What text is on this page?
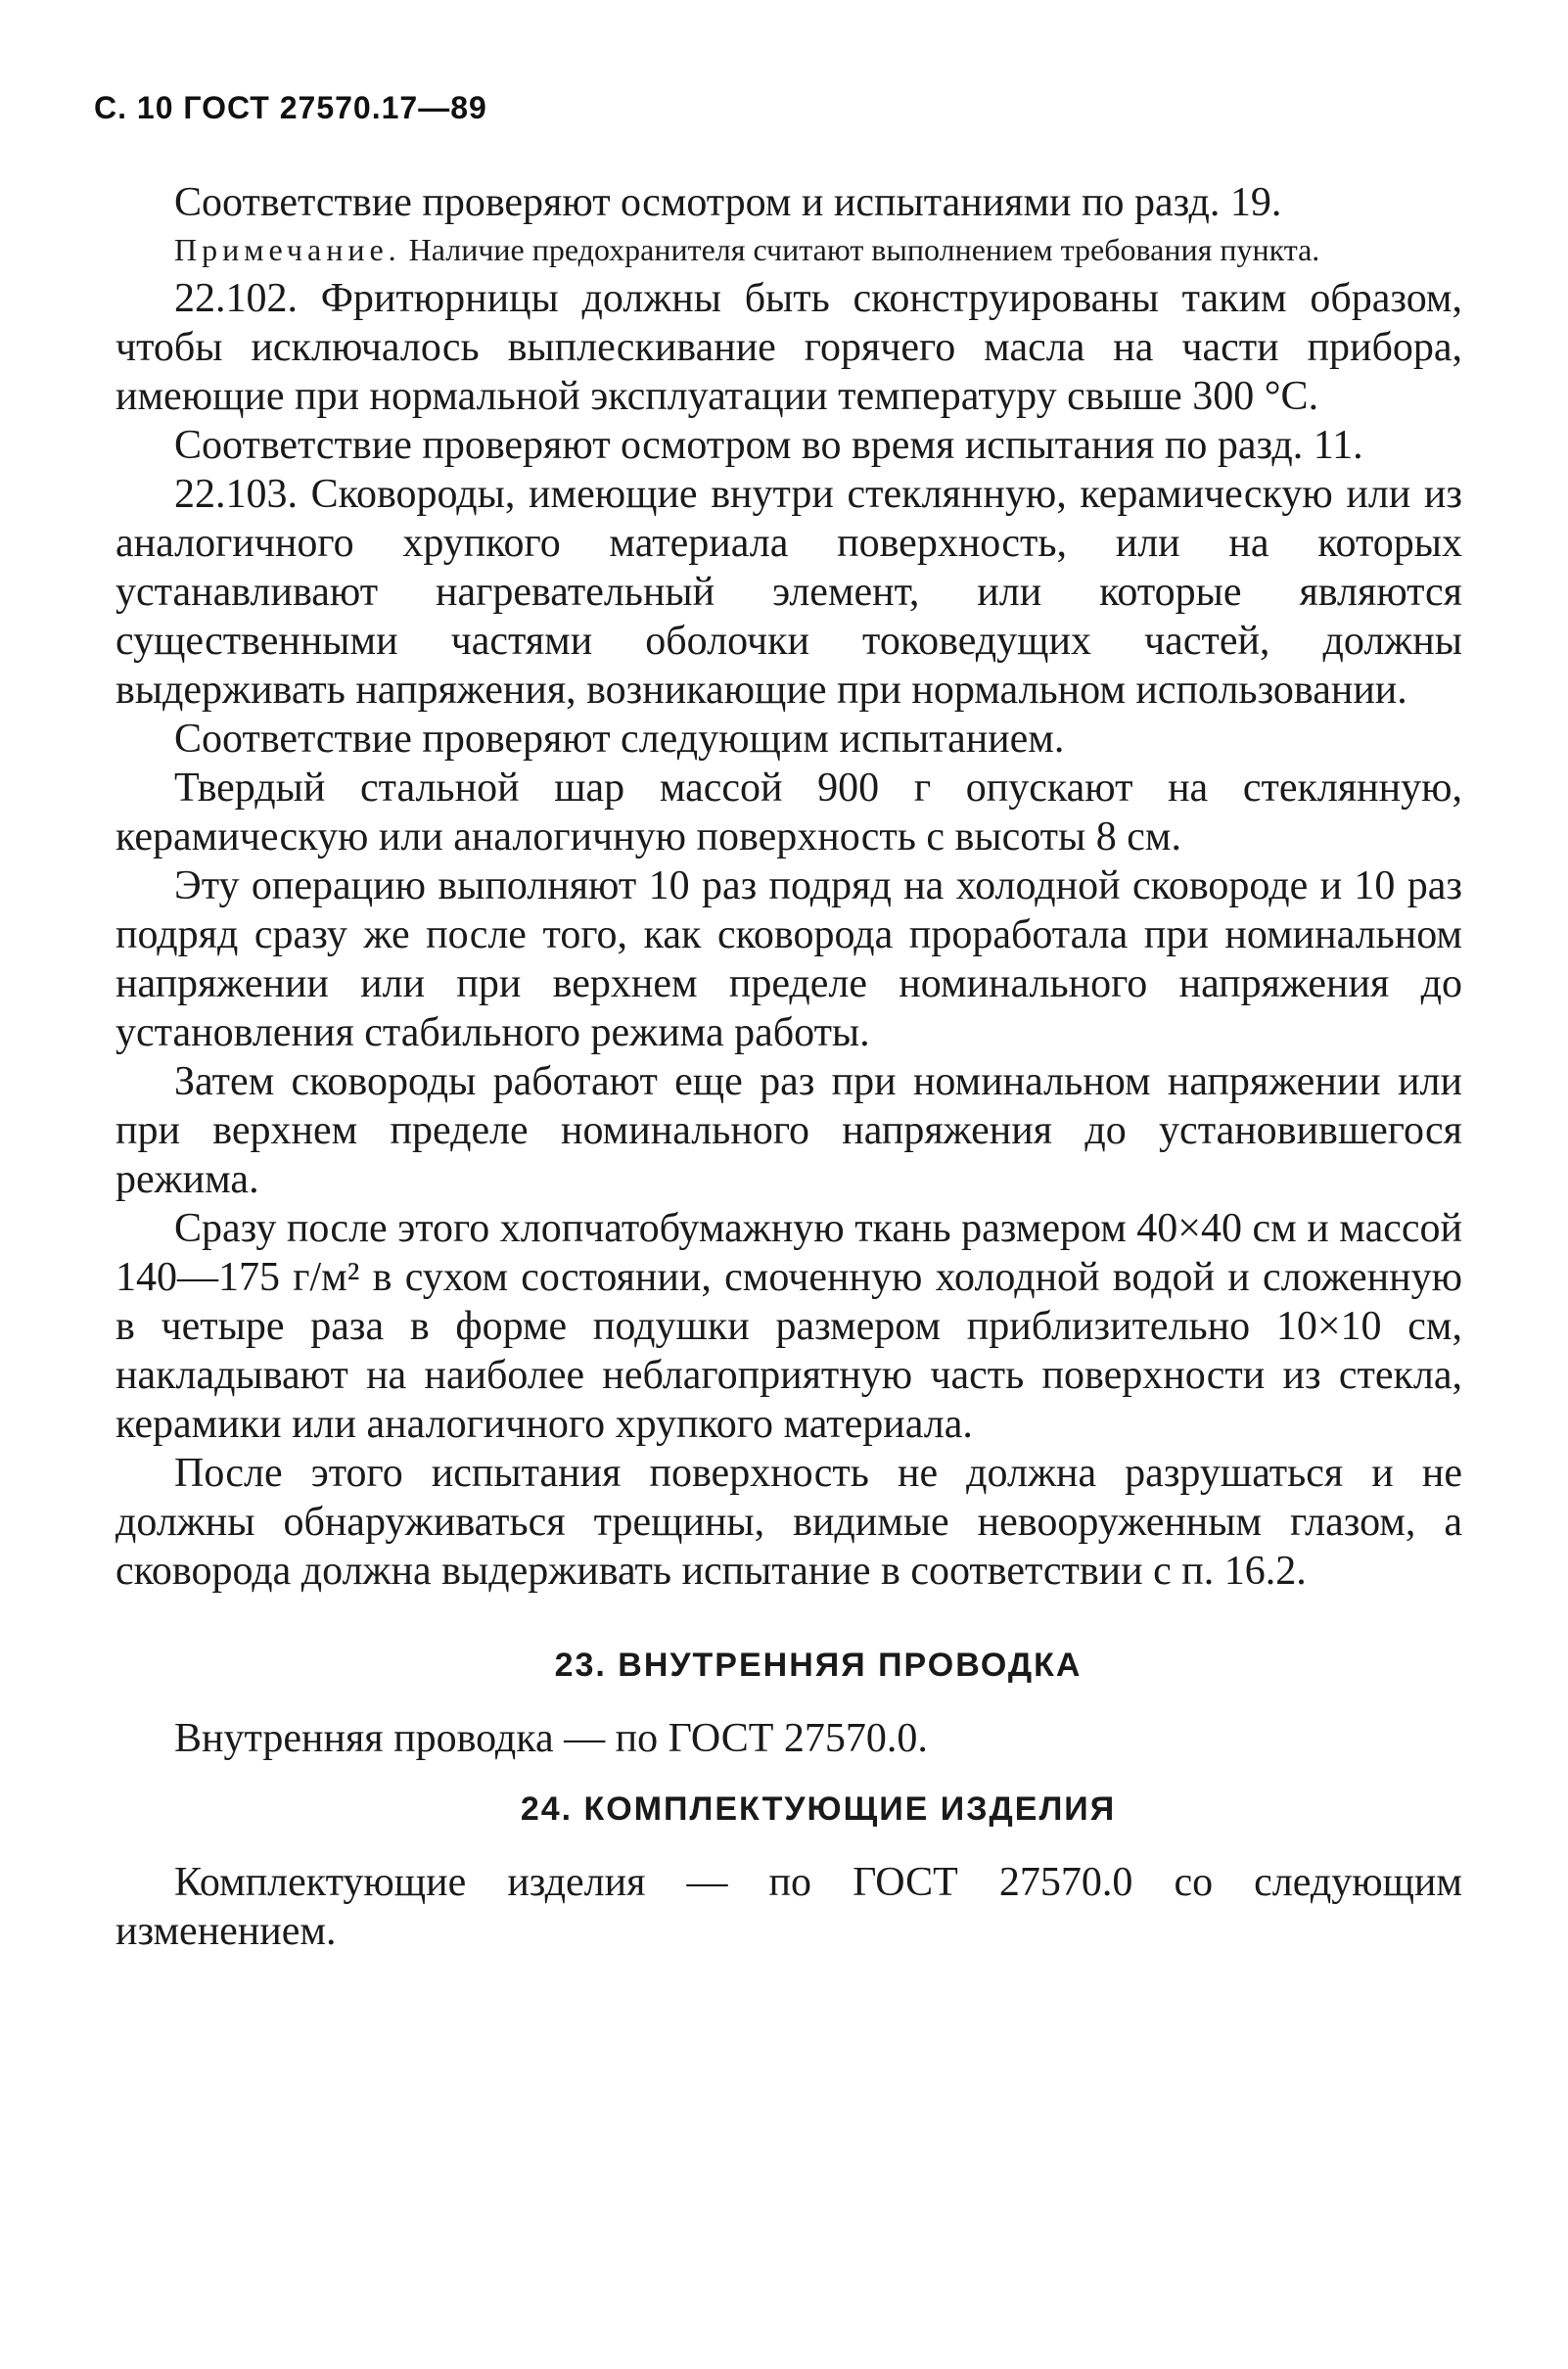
С. 10 ГОСТ 27570.17—89

Соответствие проверяют осмотром и испытаниями по разд. 19.

Примечание. Наличие предохранителя считают выполнением требования пункта.

22.102. Фритюрницы должны быть сконструированы таким образом, чтобы исключалось выплескивание горячего масла на части прибора, имеющие при нормальной эксплуатации температуру свыше 300 °С.

Соответствие проверяют осмотром во время испытания по разд. 11.

22.103. Сковороды, имеющие внутри стеклянную, керамическую или из аналогичного хрупкого материала поверхность, или на которых устанавливают нагревательный элемент, или которые являются существенными частями оболочки токоведущих частей, должны выдерживать напряжения, возникающие при нормальном использовании.

Соответствие проверяют следующим испытанием.

Твердый стальной шар массой 900 г опускают на стеклянную, керамическую или аналогичную поверхность с высоты 8 см.

Эту операцию выполняют 10 раз подряд на холодной сковороде и 10 раз подряд сразу же после того, как сковорода проработала при номинальном напряжении или при верхнем пределе номинального напряжения до установления стабильного режима работы.

Затем сковороды работают еще раз при номинальном напряжении или при верхнем пределе номинального напряжения до установившегося режима.

Сразу после этого хлопчатобумажную ткань размером 40×40 см и массой 140—175 г/м² в сухом состоянии, смоченную холодной водой и сложенную в четыре раза в форме подушки размером приблизительно 10×10 см, накладывают на наиболее неблагоприятную часть поверхности из стекла, керамики или аналогичного хрупкого материала.

После этого испытания поверхность не должна разрушаться и не должны обнаруживаться трещины, видимые невооруженным глазом, а сковорода должна выдерживать испытание в соответствии с п. 16.2.

23. ВНУТРЕННЯЯ ПРОВОДКА

Внутренняя проводка — по ГОСТ 27570.0.

24. КОМПЛЕКТУЮЩИЕ ИЗДЕЛИЯ

Комплектующие изделия — по ГОСТ 27570.0 со следующим изменением.
